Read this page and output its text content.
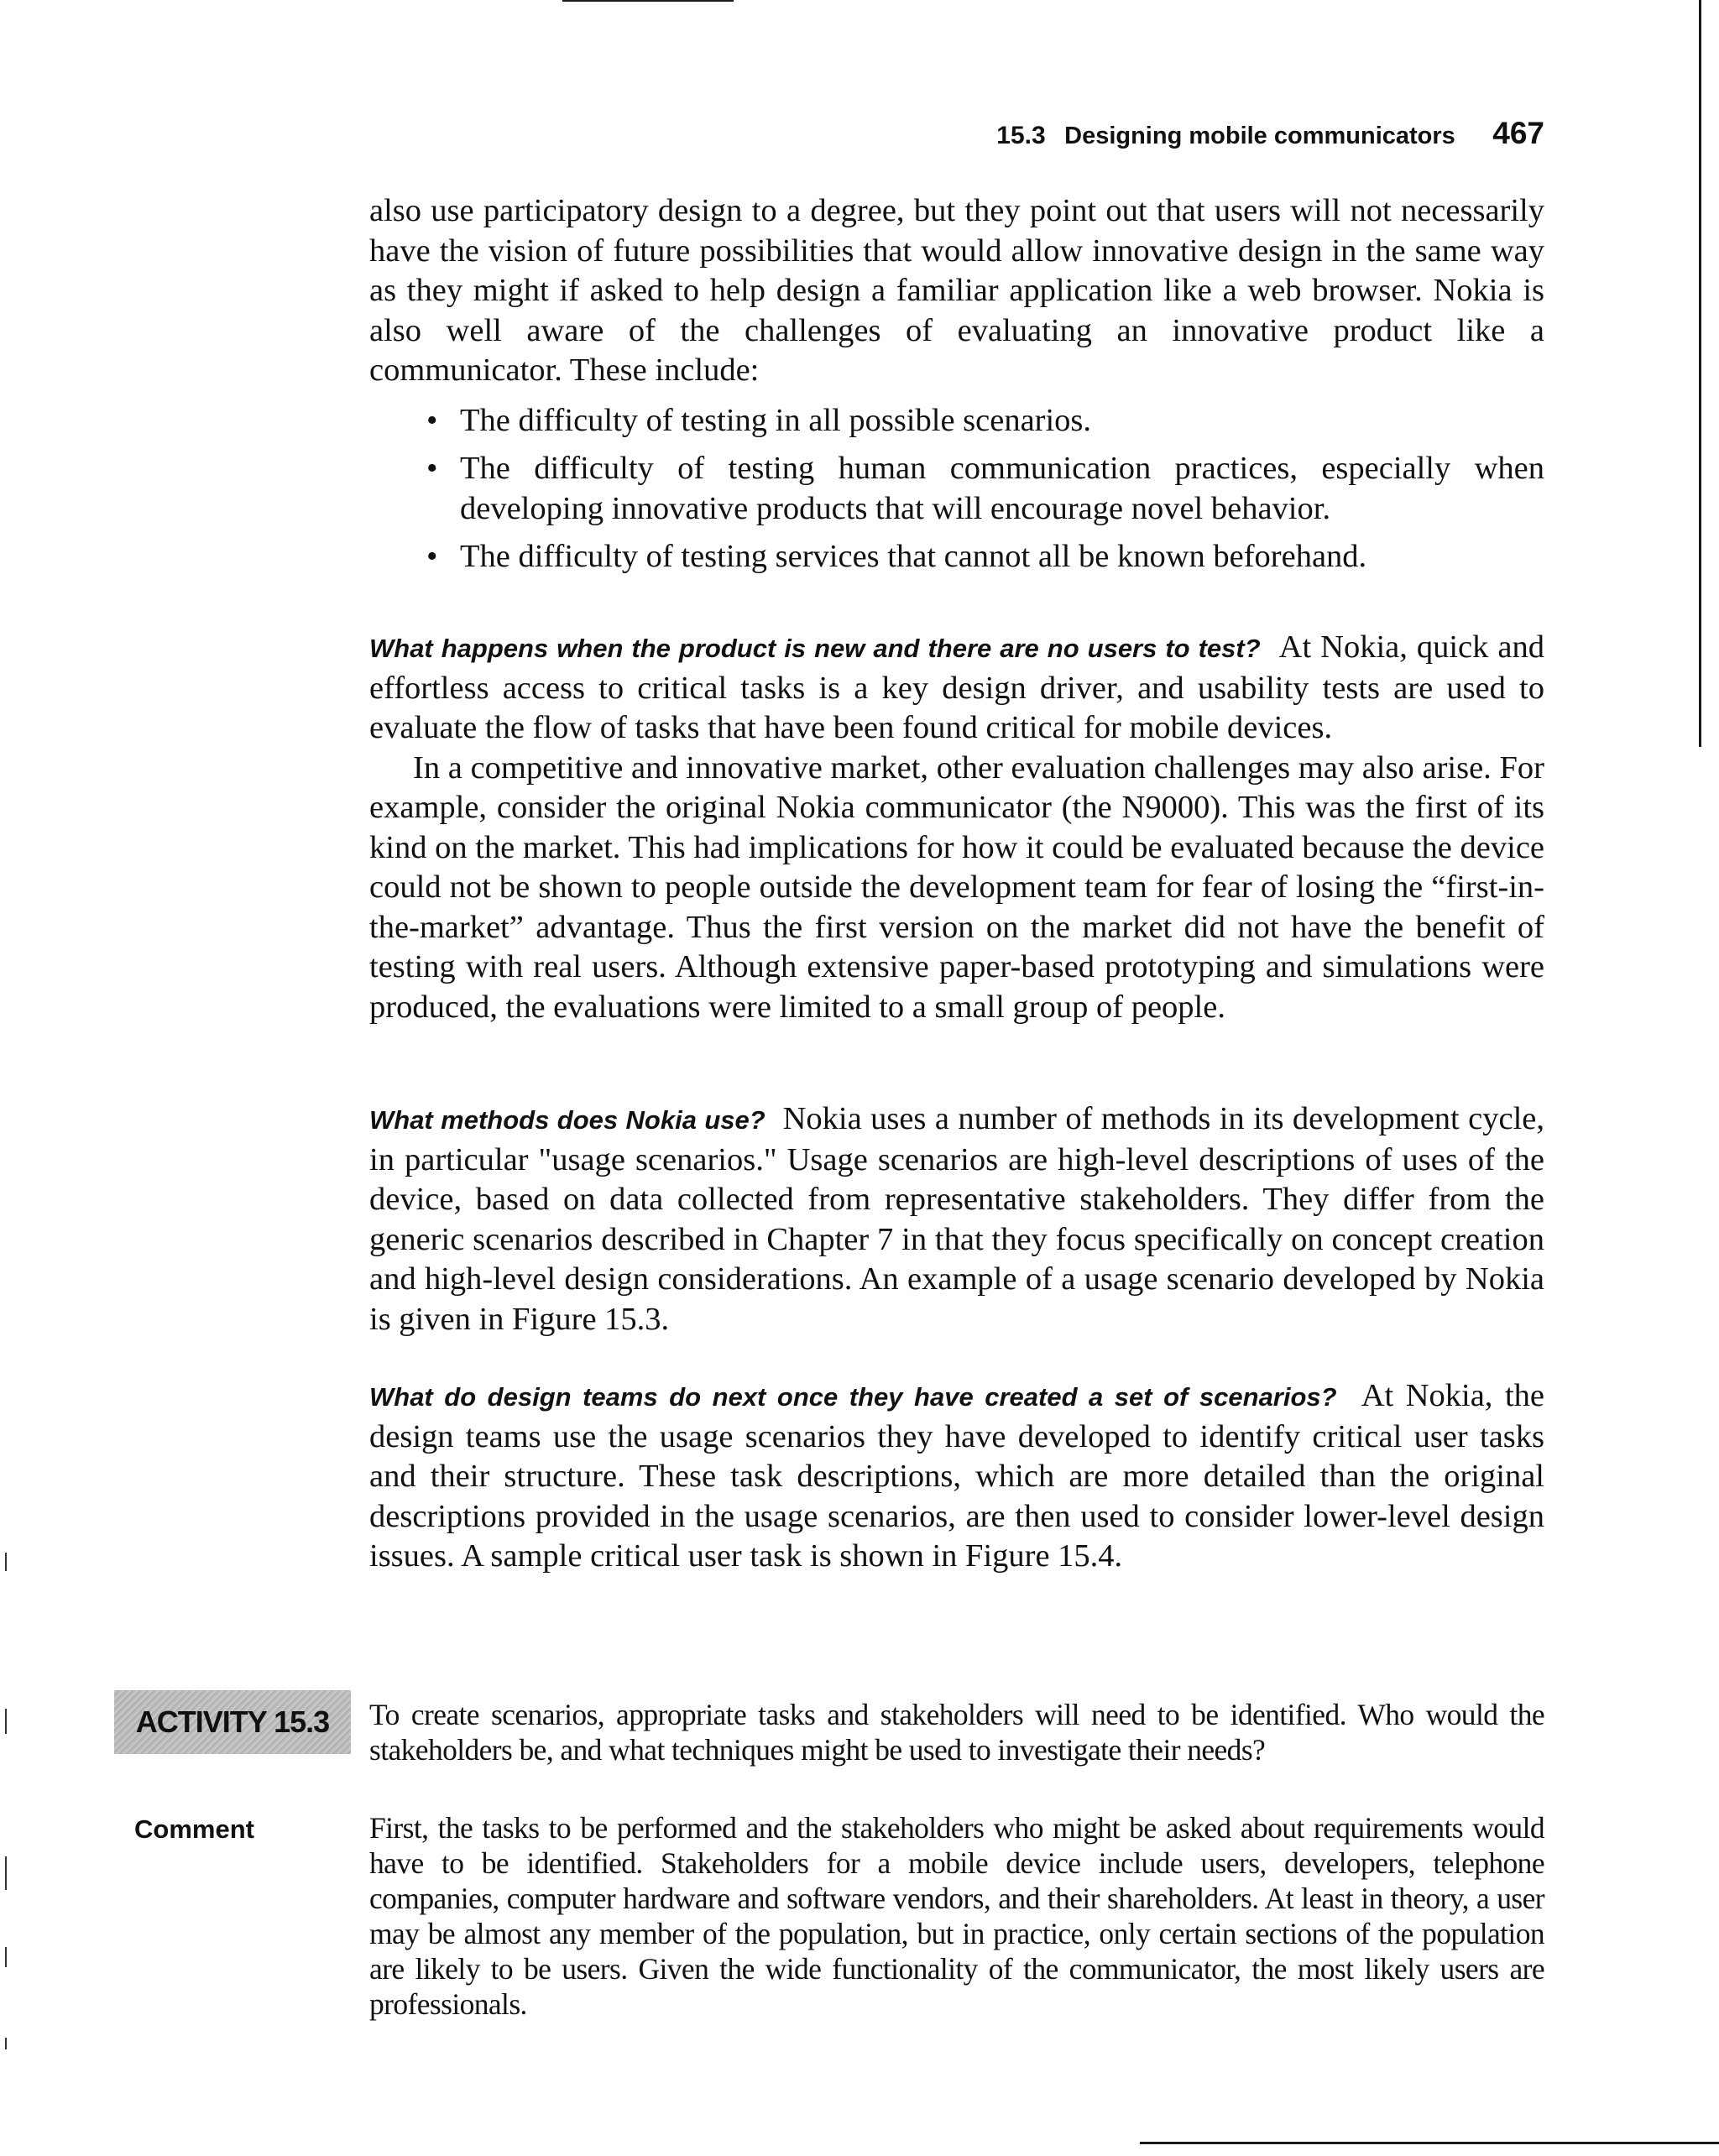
15.3 Designing mobile communicators 467

also use participatory design to a degree, but they point out that users will not necessarily have the vision of future possibilities that would allow innovative design in the same way as they might if asked to help design a familiar application like a web browser. Nokia is also well aware of the challenges of evaluating an innovative product like a communicator. These include:

• The difficulty of testing in all possible scenarios.
• The difficulty of testing human communication practices, especially when developing innovative products that will encourage novel behavior.
• The difficulty of testing services that cannot all be known beforehand.

What happens when the product is new and there are no users to test? At Nokia, quick and effortless access to critical tasks is a key design driver, and usability tests are used to evaluate the flow of tasks that have been found critical for mobile devices.

In a competitive and innovative market, other evaluation challenges may also arise. For example, consider the original Nokia communicator (the N9000). This was the first of its kind on the market. This had implications for how it could be evaluated because the device could not be shown to people outside the development team for fear of losing the “first-in-the-market” advantage. Thus the first version on the market did not have the benefit of testing with real users. Although extensive paper-based prototyping and simulations were produced, the evaluations were limited to a small group of people.

What methods does Nokia use? Nokia uses a number of methods in its development cycle, in particular "usage scenarios." Usage scenarios are high-level descriptions of uses of the device, based on data collected from representative stakeholders. They differ from the generic scenarios described in Chapter 7 in that they focus specifically on concept creation and high-level design considerations. An example of a usage scenario developed by Nokia is given in Figure 15.3.

What do design teams do next once they have created a set of scenarios? At Nokia, the design teams use the usage scenarios they have developed to identify critical user tasks and their structure. These task descriptions, which are more detailed than the original descriptions provided in the usage scenarios, are then used to consider lower-level design issues. A sample critical user task is shown in Figure 15.4.

ACTIVITY 15.3	To create scenarios, appropriate tasks and stakeholders will need to be identified. Who would the stakeholders be, and what techniques might be used to investigate their needs?

Comment	First, the tasks to be performed and the stakeholders who might be asked about requirements would have to be identified. Stakeholders for a mobile device include users, developers, telephone companies, computer hardware and software vendors, and their shareholders. At least in theory, a user may be almost any member of the population, but in practice, only certain sections of the population are likely to be users. Given the wide functionality of the communicator, the most likely users are professionals.
